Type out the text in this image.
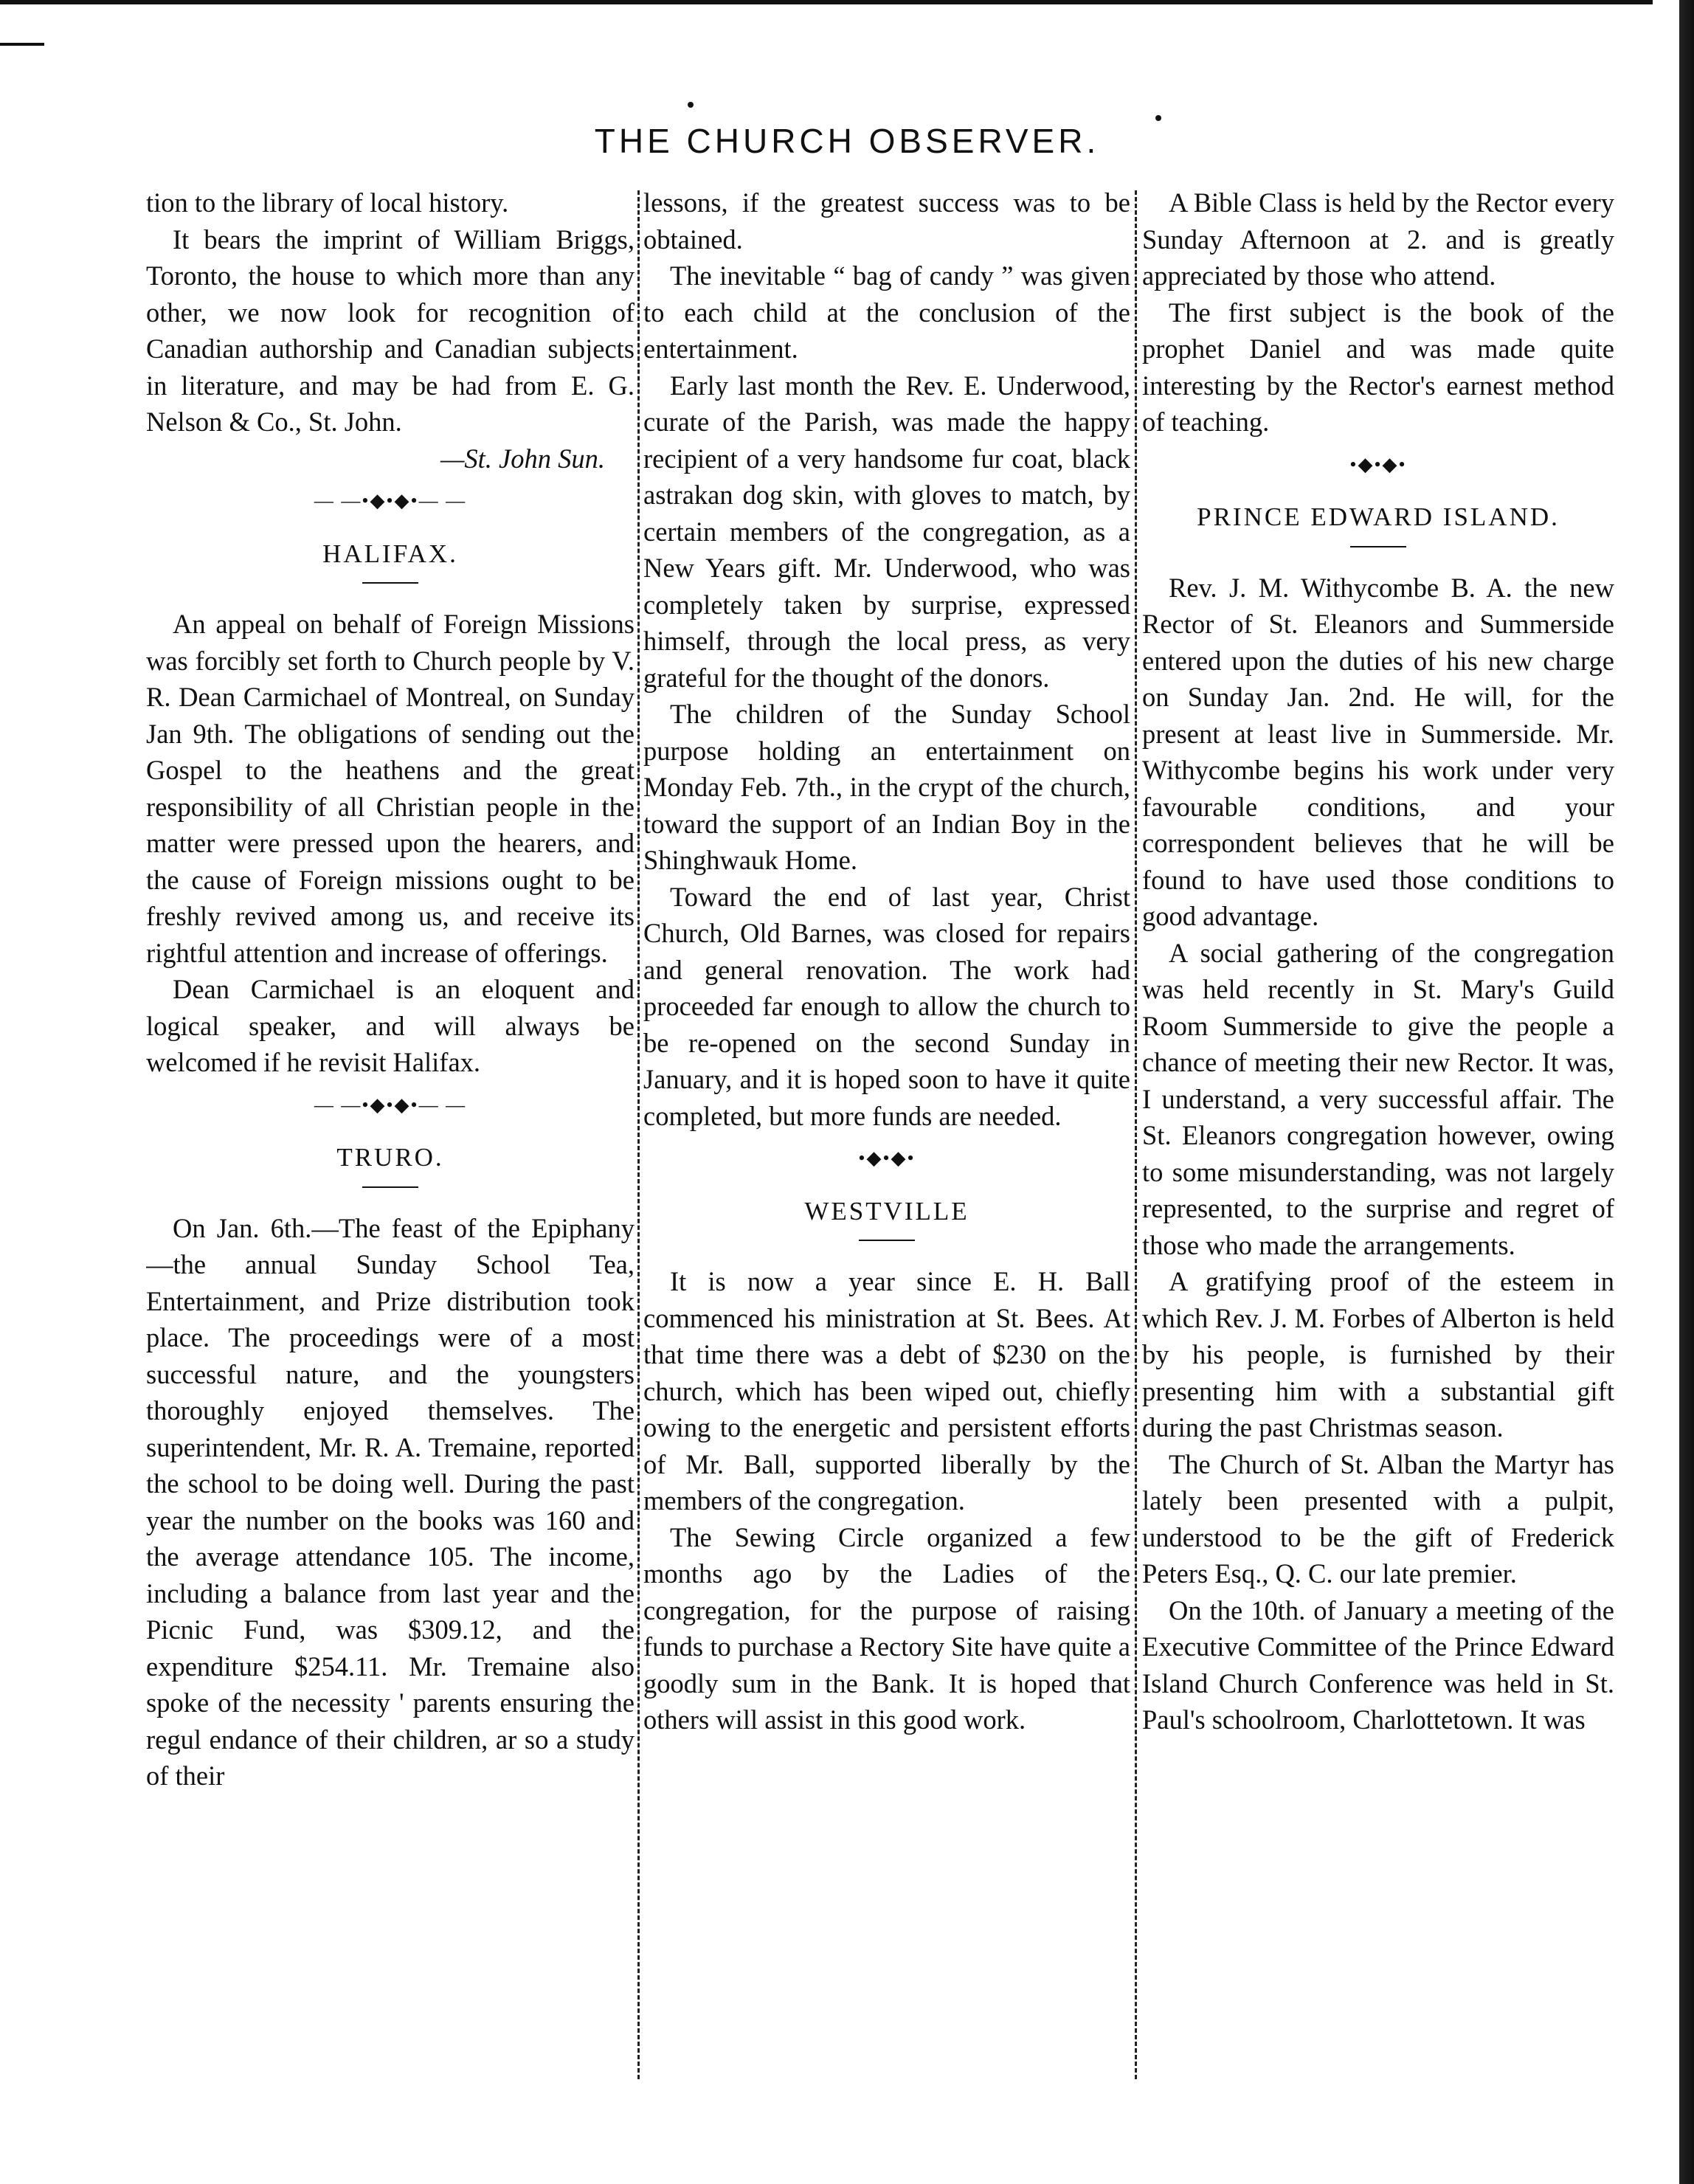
THE CHURCH OBSERVER.

tion to the library of local history.

It bears the imprint of William Briggs, Toronto, the house to which more than any other, we now look for recognition of Canadian authorship and Canadian subjects in literature, and may be had from E. G. Nelson & Co., St. John.

—St. John Sun.
— —•◆•◆•— —
HALIFAX.

An appeal on behalf of Foreign Missions was forcibly set forth to Church people by V. R. Dean Carmichael of Montreal, on Sunday Jan 9th. The obligations of sending out the Gospel to the heathens and the great responsibility of all Christian people in the matter were pressed upon the hearers, and the cause of Foreign missions ought to be freshly revived among us, and receive its rightful attention and increase of offerings.

Dean Carmichael is an eloquent and logical speaker, and will always be welcomed if he revisit Halifax.

— —•◆•◆•— —
TRURO.

On Jan. 6th.—The feast of the Epiphany—the annual Sunday School Tea, Entertainment, and Prize distribution took place. The proceedings were of a most successful nature, and the youngsters thoroughly enjoyed themselves. The superintendent, Mr. R. A. Tremaine, reported the school to be doing well. During the past year the number on the books was 160 and the average attendance 105. The income, including a balance from last year and the Picnic Fund, was $309.12, and the expenditure $254.11. Mr. Tremaine also spoke of the necessity ' parents ensuring the regul endance of their children, ar so a study of their

lessons, if the greatest success was to be obtained.

The inevitable “ bag of candy ” was given to each child at the conclusion of the entertainment.

Early last month the Rev. E. Underwood, curate of the Parish, was made the happy recipient of a very handsome fur coat, black astrakan dog skin, with gloves to match, by certain members of the congregation, as a New Years gift. Mr. Underwood, who was completely taken by surprise, expressed himself, through the local press, as very grateful for the thought of the donors.

The children of the Sunday School purpose holding an entertainment on Monday Feb. 7th., in the crypt of the church, toward the support of an Indian Boy in the Shinghwauk Home.

Toward the end of last year, Christ Church, Old Barnes, was closed for repairs and general renovation. The work had proceeded far enough to allow the church to be re-opened on the second Sunday in January, and it is hoped soon to have it quite completed, but more funds are needed.

•◆•◆•
WESTVILLE

It is now a year since E. H. Ball commenced his ministration at St. Bees. At that time there was a debt of $230 on the church, which has been wiped out, chiefly owing to the energetic and persistent efforts of Mr. Ball, supported liberally by the members of the congregation.

The Sewing Circle organized a few months ago by the Ladies of the congregation, for the purpose of raising funds to purchase a Rectory Site have quite a goodly sum in the Bank. It is hoped that others will assist in this good work.

A Bible Class is held by the Rector every Sunday Afternoon at 2. and is greatly appreciated by those who attend.

The first subject is the book of the prophet Daniel and was made quite interesting by the Rector's earnest method of teaching.

•◆•◆•
PRINCE EDWARD ISLAND.

Rev. J. M. Withycombe B. A. the new Rector of St. Eleanors and Summerside entered upon the duties of his new charge on Sunday Jan. 2nd. He will, for the present at least live in Summerside. Mr. Withycombe begins his work under very favourable conditions, and your correspondent believes that he will be found to have used those conditions to good advantage.

A social gathering of the congregation was held recently in St. Mary's Guild Room Summerside to give the people a chance of meeting their new Rector. It was, I understand, a very successful affair. The St. Eleanors congregation however, owing to some misunderstanding, was not largely represented, to the surprise and regret of those who made the arrangements.

A gratifying proof of the esteem in which Rev. J. M. Forbes of Alberton is held by his people, is furnished by their presenting him with a substantial gift during the past Christmas season.

The Church of St. Alban the Martyr has lately been presented with a pulpit, understood to be the gift of Frederick Peters Esq., Q. C. our late premier.

On the 10th. of January a meeting of the Executive Committee of the Prince Edward Island Church Conference was held in St. Paul's schoolroom, Charlottetown. It was
